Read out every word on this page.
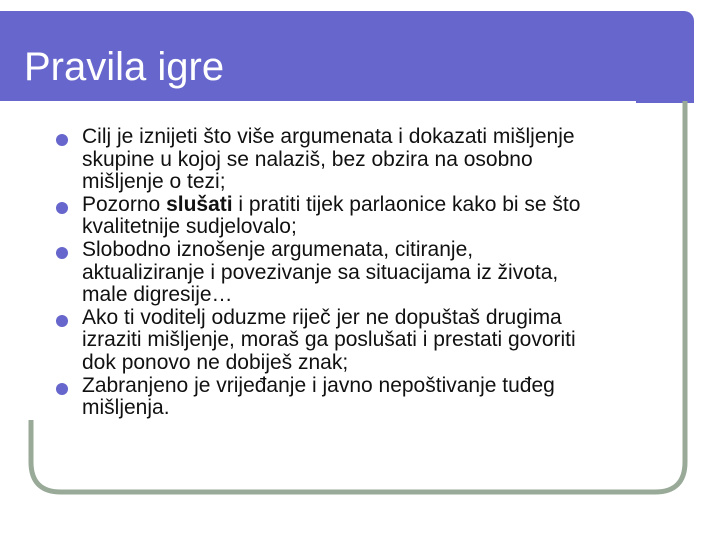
Pravila igre
Cilj je iznijeti što više argumenata i dokazati mišljenje
skupine u kojoj se nalaziš, bez obzira na osobno
mišljenje o tezi;
Pozorno slušati i pratiti tijek parlaonice kako bi se što
kvalitetnije sudjelovalo;
Slobodno iznošenje argumenata, citiranje,
aktualiziranje i povezivanje sa situacijama iz života,
male digresije…
Ako ti voditelj oduzme riječ jer ne dopuštaš drugima
izraziti mišljenje, moraš ga poslušati i prestati govoriti
dok ponovo ne dobiješ znak;
Zabranjeno je vrijeđanje i javno nepoštivanje tuđeg
mišljenja.
